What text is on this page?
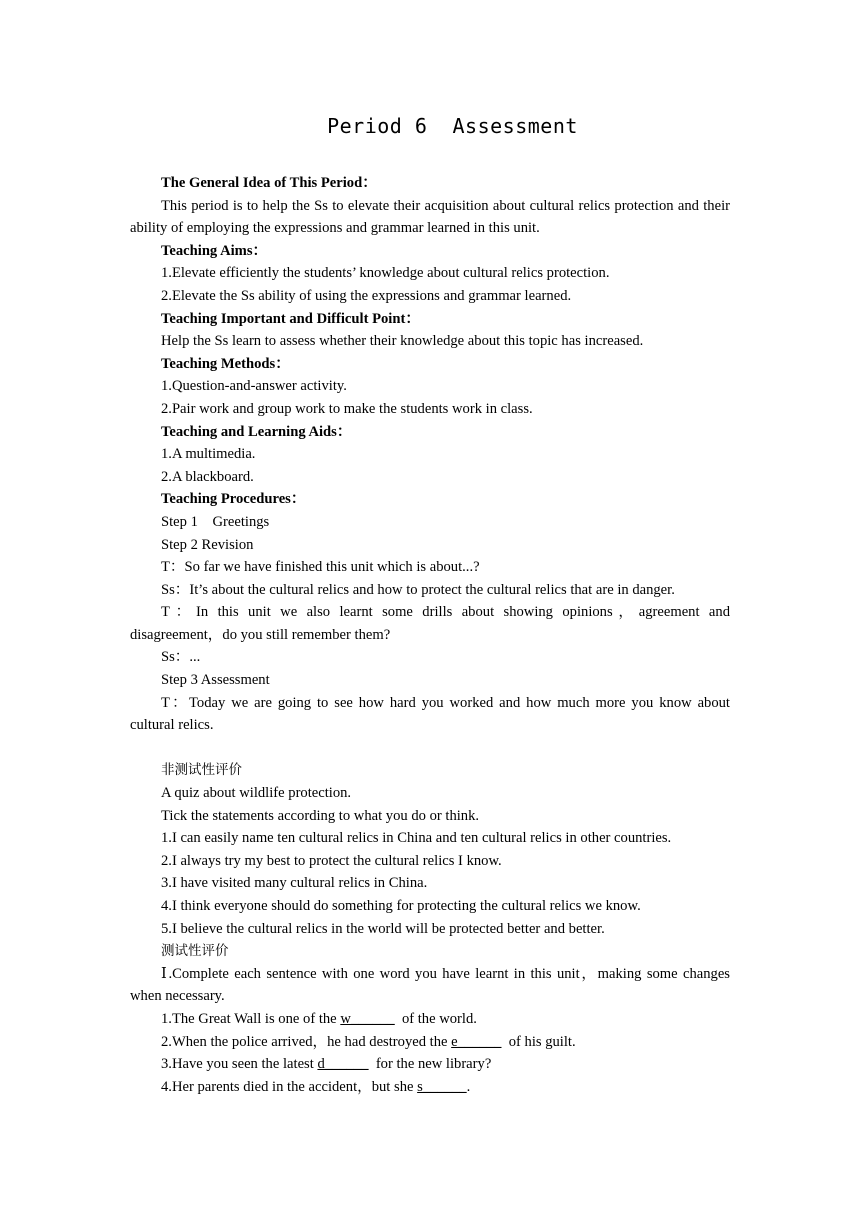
Period 6  Assessment

The General Idea of This Period：

This period is to help the Ss to elevate their acquisition about cultural relics protection and their ability of employing the expressions and grammar learned in this unit.

Teaching Aims：

1.Elevate efficiently the students’ knowledge about cultural relics protection.

2.Elevate the Ss ability of using the expressions and grammar learned.

Teaching Important and Difficult Point：

Help the Ss learn to assess whether their knowledge about this topic has increased.

Teaching Methods：

1.Question-and-answer activity.

2.Pair work and group work to make the students work in class.

Teaching and Learning Aids：

1.A multimedia.

2.A blackboard.

Teaching Procedures：

Step 1　Greetings

Step 2 Revision

T：So far we have finished this unit which is about...?

Ss：It’s about the cultural relics and how to protect the cultural relics that are in danger.

T：In this unit we also learnt some drills about showing opinions，agreement and disagreement，do you still remember them?

Ss：...

Step 3 Assessment

T：Today we are going to see how hard you worked and how much more you know about cultural relics.

非测试性评价

A quiz about wildlife protection.

Tick the statements according to what you do or think.

1.I can easily name ten cultural relics in China and ten cultural relics in other countries.

2.I always try my best to protect the cultural relics I know.

3.I have visited many cultural relics in China.

4.I think everyone should do something for protecting the cultural relics we know.

5.I believe the cultural relics in the world will be protected better and better.

测试性评价

Ⅰ.Complete each sentence with one word you have learnt in this unit，making some changes when necessary.

1.The Great Wall is one of the w______  of the world.

2.When the police arrived，he had destroyed the e______  of his guilt.

3.Have you seen the latest d______  for the new library?

4.Her parents died in the accident，but she s______.
